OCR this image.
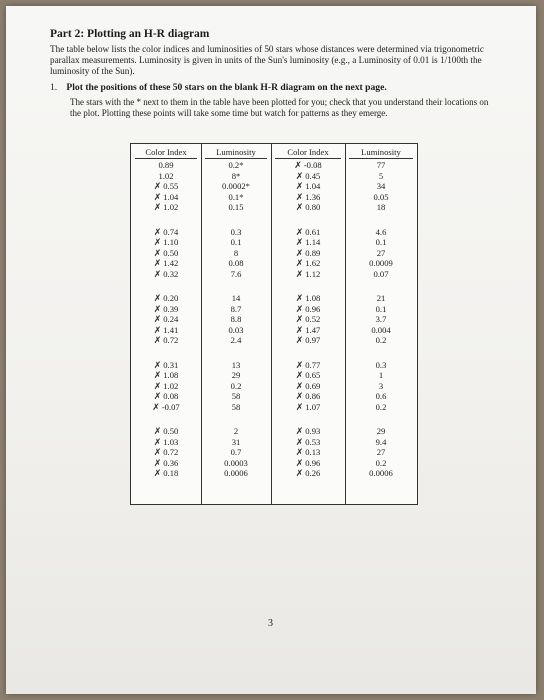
Part 2: Plotting an H-R diagram
The table below lists the color indices and luminosities of 50 stars whose distances were determined via trigonometric parallax measurements. Luminosity is given in units of the Sun's luminosity (e.g., a Luminosity of 0.01 is 1/100th the luminosity of the Sun).
1. Plot the positions of these 50 stars on the blank H-R diagram on the next page.
The stars with the * next to them in the table have been plotted for you; check that you understand their locations on the plot. Plotting these points will take some time but watch for patterns as they emerge.
Color Index
0.89
1.02
✗ 0.55
✗ 1.04
✗ 1.02
✗ 0.74
✗ 1.10
✗ 0.50
✗ 1.42
✗ 0.32
✗ 0.20
✗ 0.39
✗ 0.24
✗ 1.41
✗ 0.72
✗ 0.31
✗ 1.08
✗ 1.02
✗ 0.08
✗ -0.07
✗ 0.50
✗ 1.03
✗ 0.72
✗ 0.36
✗ 0.18
Luminosity
0.2*
8*
0.0002*
0.1*
0.15
0.3
0.1
8
0.08
7.6
14
8.7
8.8
0.03
2.4
13
29
0.2
58
58
2
31
0.7
0.0003
0.0006
Color Index
✗ -0.08
✗ 0.45
✗ 1.04
✗ 1.36
✗ 0.80
✗ 0.61
✗ 1.14
✗ 0.89
✗ 1.62
✗ 1.12
✗ 1.08
✗ 0.96
✗ 0.52
✗ 1.47
✗ 0.97
✗ 0.77
✗ 0.65
✗ 0.69
✗ 0.86
✗ 1.07
✗ 0.93
✗ 0.53
✗ 0.13
✗ 0.96
✗ 0.26
Luminosity
77
5
34
0.05
18
4.6
0.1
27
0.0009
0.07
21
0.1
3.7
0.004
0.2
0.3
1
3
0.6
0.2
29
9.4
27
0.2
0.0006
3
